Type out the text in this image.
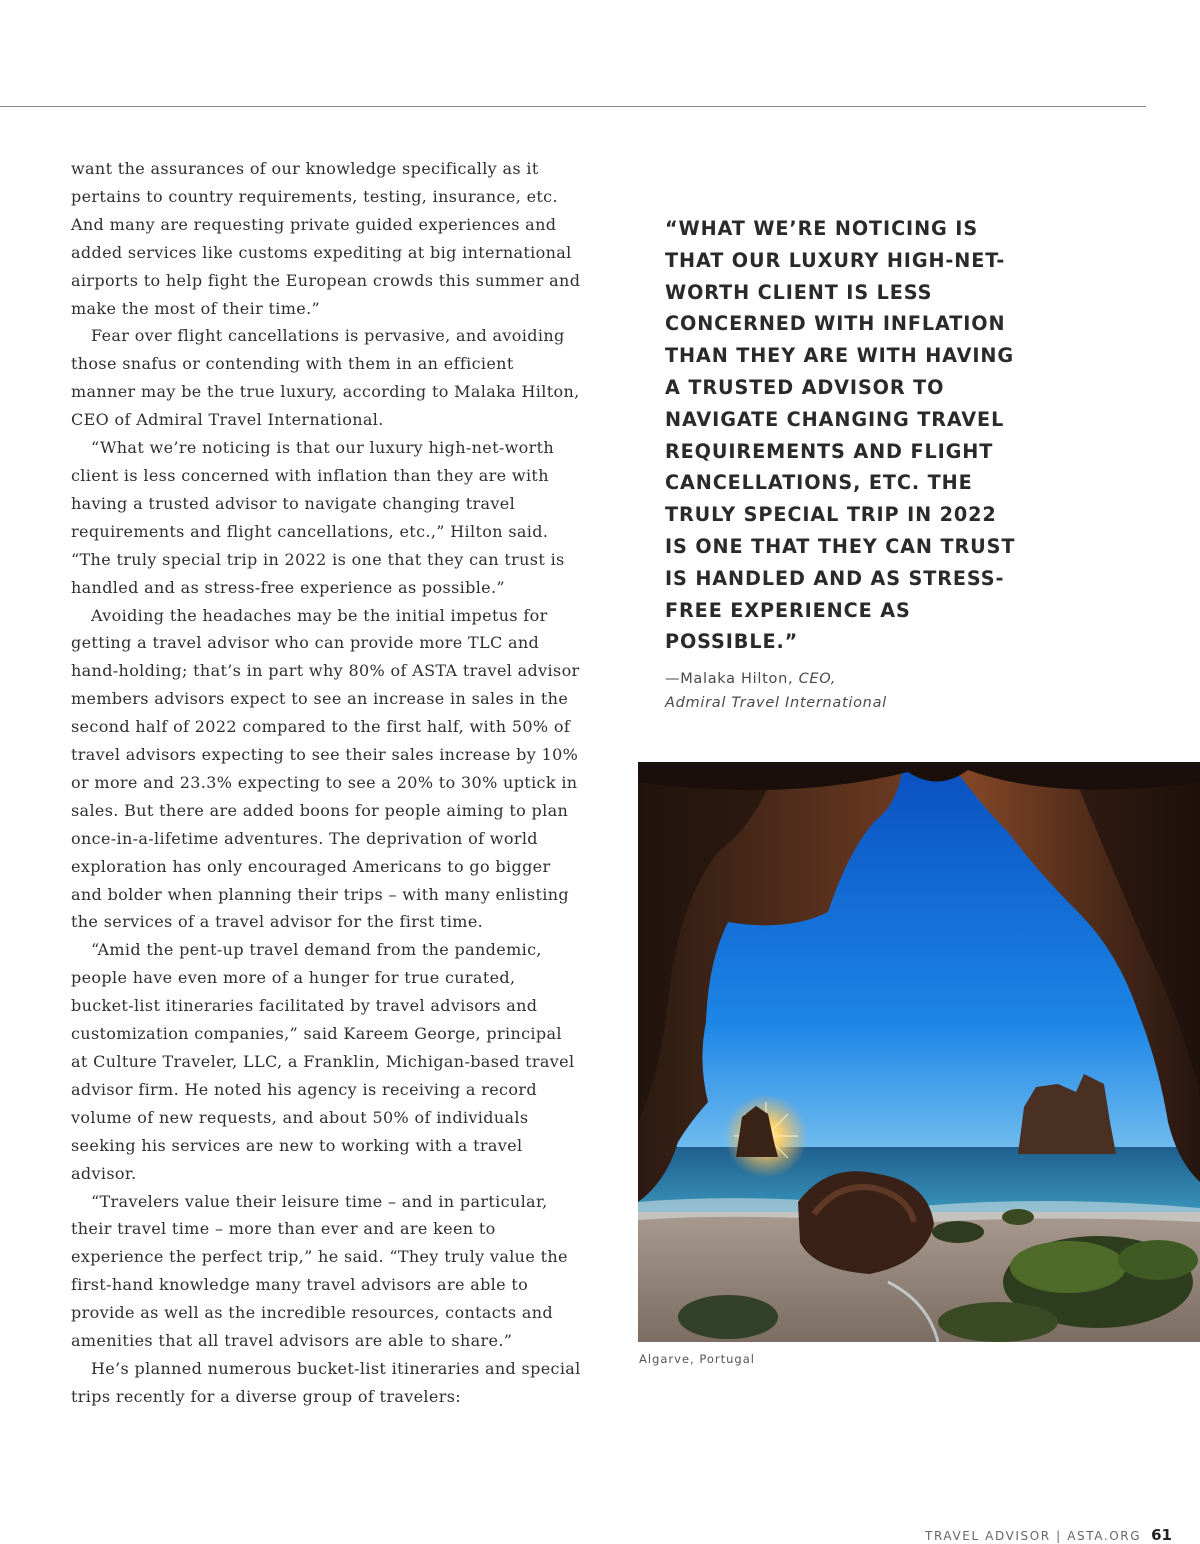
want the assurances of our knowledge specifically as it pertains to country requirements, testing, insurance, etc. And many are requesting private guided experiences and added services like customs expediting at big international airports to help fight the European crowds this summer and make the most of their time.”

Fear over flight cancellations is pervasive, and avoiding those snafus or contending with them in an efficient manner may be the true luxury, according to Malaka Hilton, CEO of Admiral Travel International.

“What we’re noticing is that our luxury high-net-worth client is less concerned with inflation than they are with having a trusted advisor to navigate changing travel requirements and flight cancellations, etc.,” Hilton said. “The truly special trip in 2022 is one that they can trust is handled and as stress-free experience as possible.”

Avoiding the headaches may be the initial impetus for getting a travel advisor who can provide more TLC and hand-holding; that’s in part why 80% of ASTA travel advisor members advisors expect to see an increase in sales in the second half of 2022 compared to the first half, with 50% of travel advisors expecting to see their sales increase by 10% or more and 23.3% expecting to see a 20% to 30% uptick in sales. But there are added boons for people aiming to plan once-in-a-lifetime adventures. The deprivation of world exploration has only encouraged Americans to go bigger and bolder when planning their trips – with many enlisting the services of a travel advisor for the first time.

“Amid the pent-up travel demand from the pandemic, people have even more of a hunger for true curated, bucket-list itineraries facilitated by travel advisors and customization companies,” said Kareem George, principal at Culture Traveler, LLC, a Franklin, Michigan-based travel advisor firm. He noted his agency is receiving a record volume of new requests, and about 50% of individuals seeking his services are new to working with a travel advisor.

“Travelers value their leisure time – and in particular, their travel time – more than ever and are keen to experience the perfect trip,” he said. “They truly value the first-hand knowledge many travel advisors are able to provide as well as the incredible resources, contacts and amenities that all travel advisors are able to share.”

He’s planned numerous bucket-list itineraries and special trips recently for a diverse group of travelers:

“WHAT WE’RE NOTICING IS THAT OUR LUXURY HIGH-NET-WORTH CLIENT IS LESS CONCERNED WITH INFLATION THAN THEY ARE WITH HAVING A TRUSTED ADVISOR TO NAVIGATE CHANGING TRAVEL REQUIREMENTS AND FLIGHT CANCELLATIONS, ETC. THE TRULY SPECIAL TRIP IN 2022 IS ONE THAT THEY CAN TRUST IS HANDLED AND AS STRESS-FREE EXPERIENCE AS POSSIBLE.”
—Malaka Hilton, CEO,
Admiral Travel International
Algarve, Portugal
TRAVEL ADVISOR | ASTA.ORG 61
